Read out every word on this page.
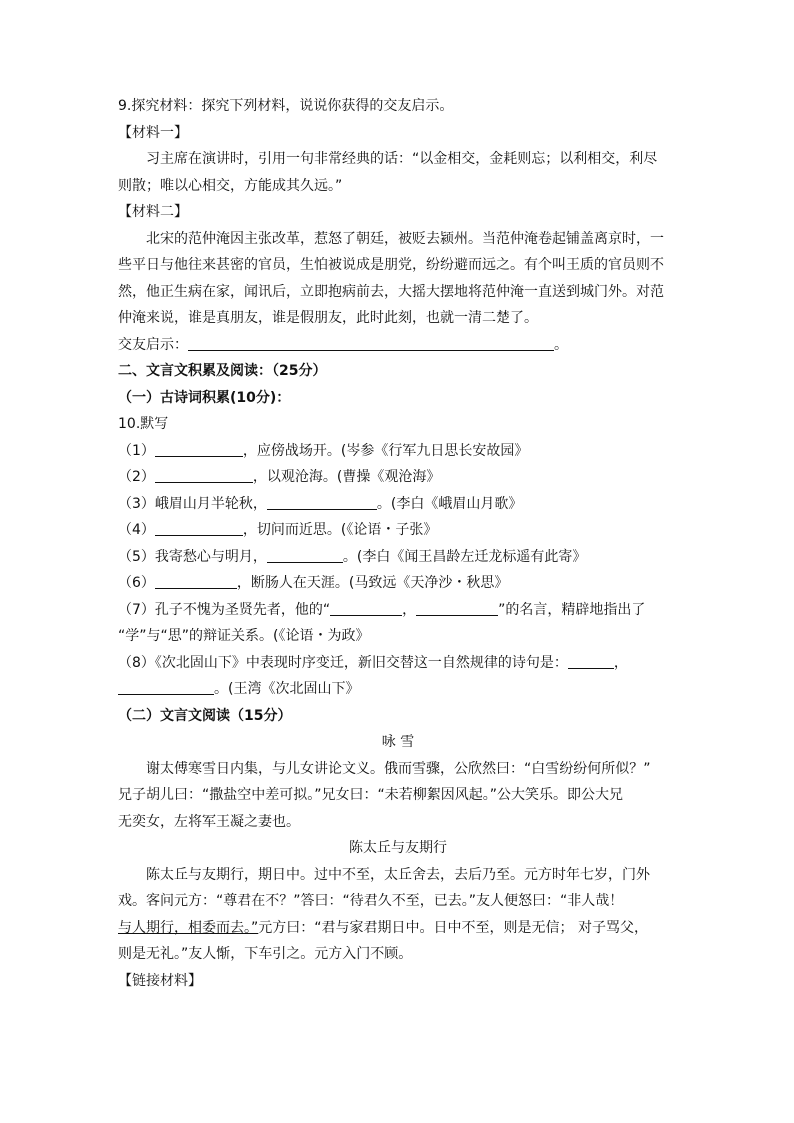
9.探究材料：探究下列材料，说说你获得的交友启示。
【材料一】
习主席在演讲时，引用一句非常经典的话：“以金相交，金耗则忘；以利相交，利尽
则散；唯以心相交，方能成其久远。”
【材料二】
北宋的范仲淹因主张改革，惹怒了朝廷，被贬去颍州。当范仲淹卷起铺盖离京时，一
些平日与他往来甚密的官员，生怕被说成是朋党，纷纷避而远之。有个叫王质的官员则不
然，他正生病在家，闻讯后，立即抱病前去，大摇大摆地将范仲淹一直送到城门外。对范
仲淹来说，谁是真朋友，谁是假朋友，此时此刻，也就一清二楚了。
交友启示：	。
二、文言文积累及阅读：（25分）
（一）古诗词积累(10分)：
10.默写
（1）	，应傍战场开。(岑参《行军九日思长安故园》
（2）	，以观沧海。(曹操《观沧海》
（3）峨眉山月半轮秋，	。(李白《峨眉山月歌》
（4）	，切问而近思。(《论语・子张》
（5）我寄愁心与明月，	。(李白《闻王昌龄左迁龙标遥有此寄》
（6）	，断肠人在天涯。(马致远《天净沙・秋思》
（7）孔子不愧为圣贤先者，他的“	，	”的名言，精辟地指出了
“学”与“思”的辩证关系。(《论语・为政》
（8）《次北固山下》中表现时序变迁，新旧交替这一自然规律的诗句是：	，
。(王湾《次北固山下》
（二）文言文阅读（15分）
咏 雪
谢太傅寒雪日内集，与儿女讲论文义。俄而雪骤，公欣然曰：“白雪纷纷何所似？”
兄子胡儿曰：“撒盐空中差可拟。”兄女曰：“未若柳絮因风起。”公大笑乐。即公大兄
无奕女，左将军王凝之妻也。
陈太丘与友期行
陈太丘与友期行，期日中。过中不至，太丘舍去，去后乃至。元方时年七岁，门外
戏。客问元方：“尊君在不？”答曰：“待君久不至，已去。”友人便怒曰：“非人哉！
与人期行，相委而去。”元方曰：“君与家君期日中。日中不至，则是无信； 对子骂父，
则是无礼。”友人惭，下车引之。元方入门不顾。
【链接材料】
